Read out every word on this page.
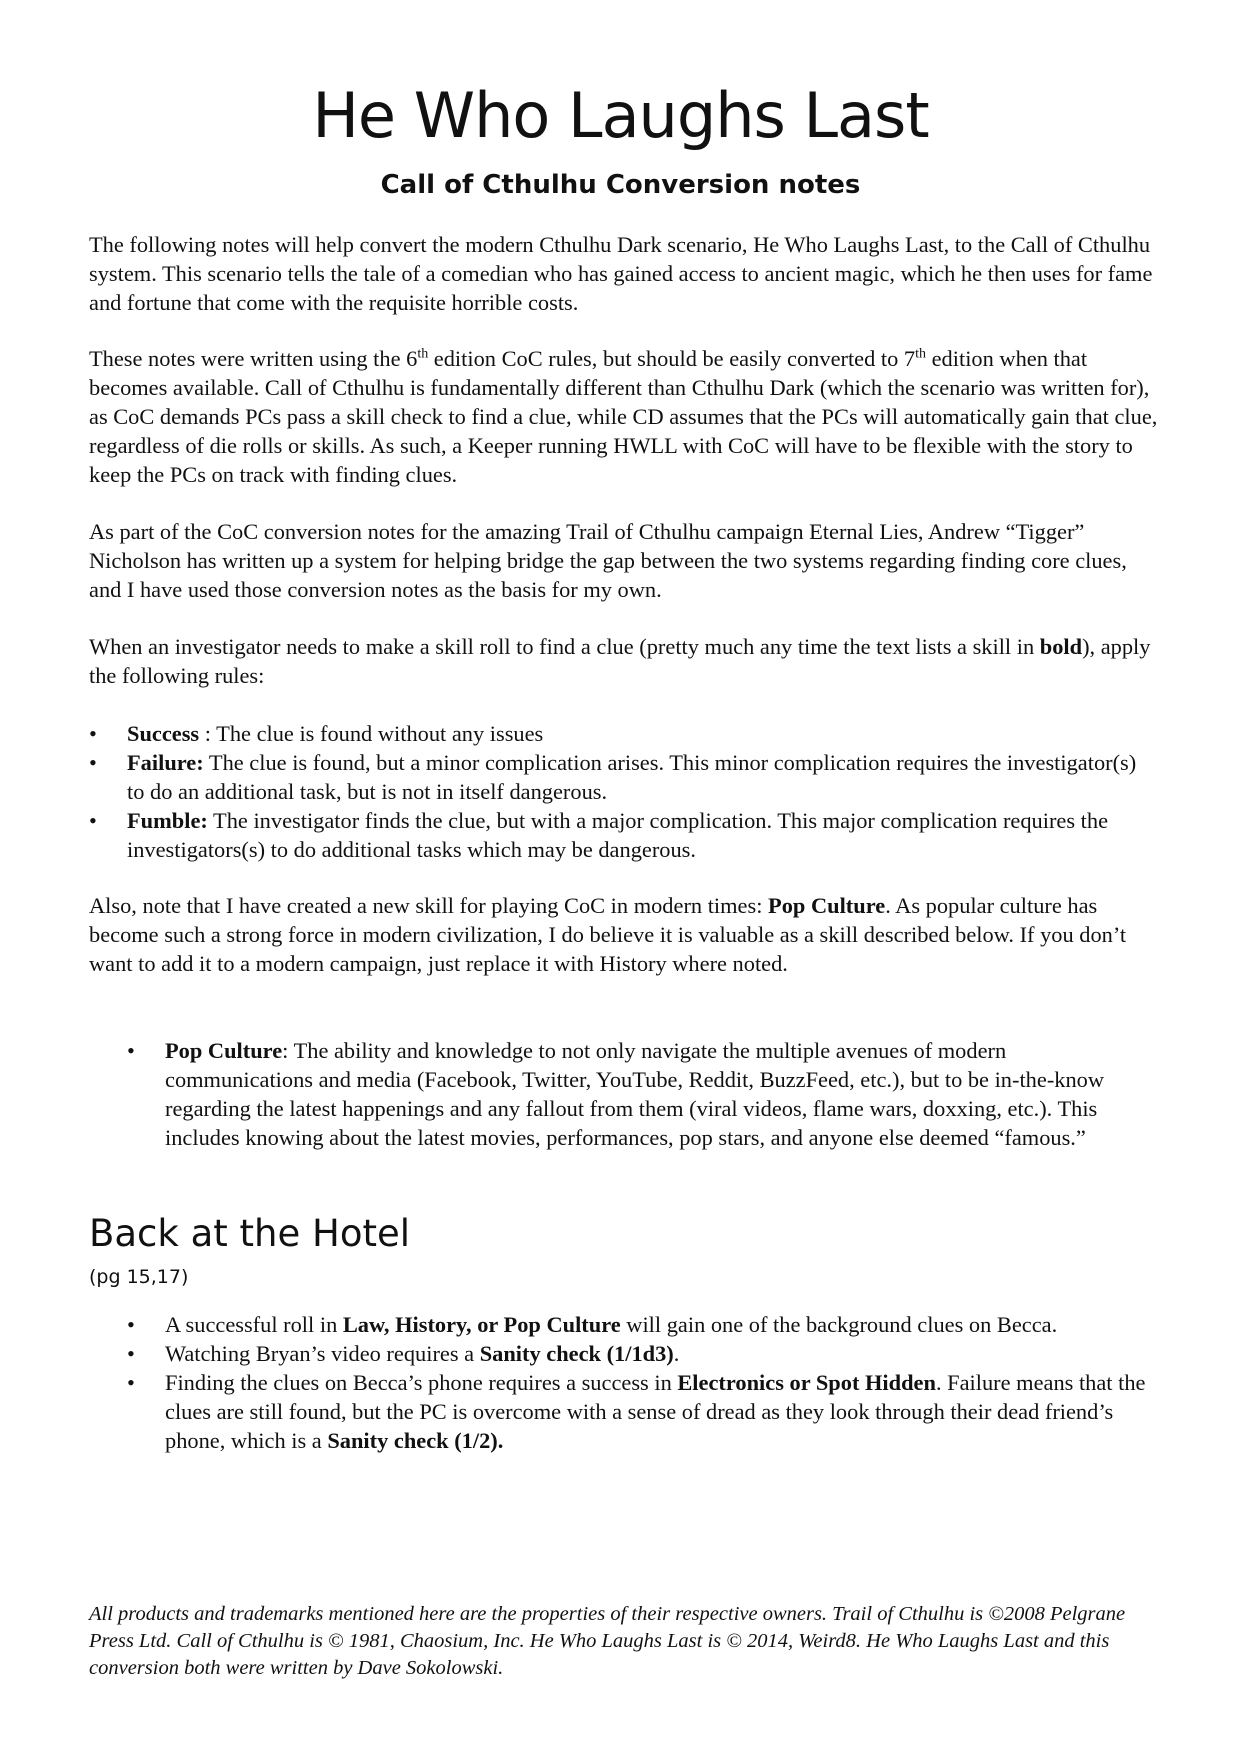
He Who Laughs Last
Call of Cthulhu Conversion notes

The following notes will help convert the modern Cthulhu Dark scenario, He Who Laughs Last, to the Call of Cthulhu system. This scenario tells the tale of a comedian who has gained access to ancient magic, which he then uses for fame and fortune that come with the requisite horrible costs.

These notes were written using the 6th edition CoC rules, but should be easily converted to 7th edition when that becomes available. Call of Cthulhu is fundamentally different than Cthulhu Dark (which the scenario was written for), as CoC demands PCs pass a skill check to find a clue, while CD assumes that the PCs will automatically gain that clue, regardless of die rolls or skills. As such, a Keeper running HWLL with CoC will have to be flexible with the story to keep the PCs on track with finding clues.

As part of the CoC conversion notes for the amazing Trail of Cthulhu campaign Eternal Lies, Andrew “Tigger” Nicholson has written up a system for helping bridge the gap between the two systems regarding finding core clues, and I have used those conversion notes as the basis for my own.

When an investigator needs to make a skill roll to find a clue (pretty much any time the text lists a skill in bold), apply the following rules:

• Success : The clue is found without any issues
• Failure: The clue is found, but a minor complication arises. This minor complication requires the investigator(s) to do an additional task, but is not in itself dangerous.
• Fumble: The investigator finds the clue, but with a major complication. This major complication requires the investigators(s) to do additional tasks which may be dangerous.

Also, note that I have created a new skill for playing CoC in modern times: Pop Culture. As popular culture has become such a strong force in modern civilization, I do believe it is valuable as a skill described below. If you don’t want to add it to a modern campaign, just replace it with History where noted.

• Pop Culture: The ability and knowledge to not only navigate the multiple avenues of modern communications and media (Facebook, Twitter, YouTube, Reddit, BuzzFeed, etc.), but to be in-the-know regarding the latest happenings and any fallout from them (viral videos, flame wars, doxxing, etc.). This includes knowing about the latest movies, performances, pop stars, and anyone else deemed “famous.”
Back at the Hotel
(pg 15,17)
• A successful roll in Law, History, or Pop Culture will gain one of the background clues on Becca.
• Watching Bryan’s video requires a Sanity check (1/1d3).
• Finding the clues on Becca’s phone requires a success in Electronics or Spot Hidden. Failure means that the clues are still found, but the PC is overcome with a sense of dread as they look through their dead friend’s phone, which is a Sanity check (1/2).
All products and trademarks mentioned here are the properties of their respective owners. Trail of Cthulhu is ©2008 Pelgrane Press Ltd. Call of Cthulhu is © 1981, Chaosium, Inc. He Who Laughs Last is © 2014, Weird8. He Who Laughs Last and this conversion both were written by Dave Sokolowski.
